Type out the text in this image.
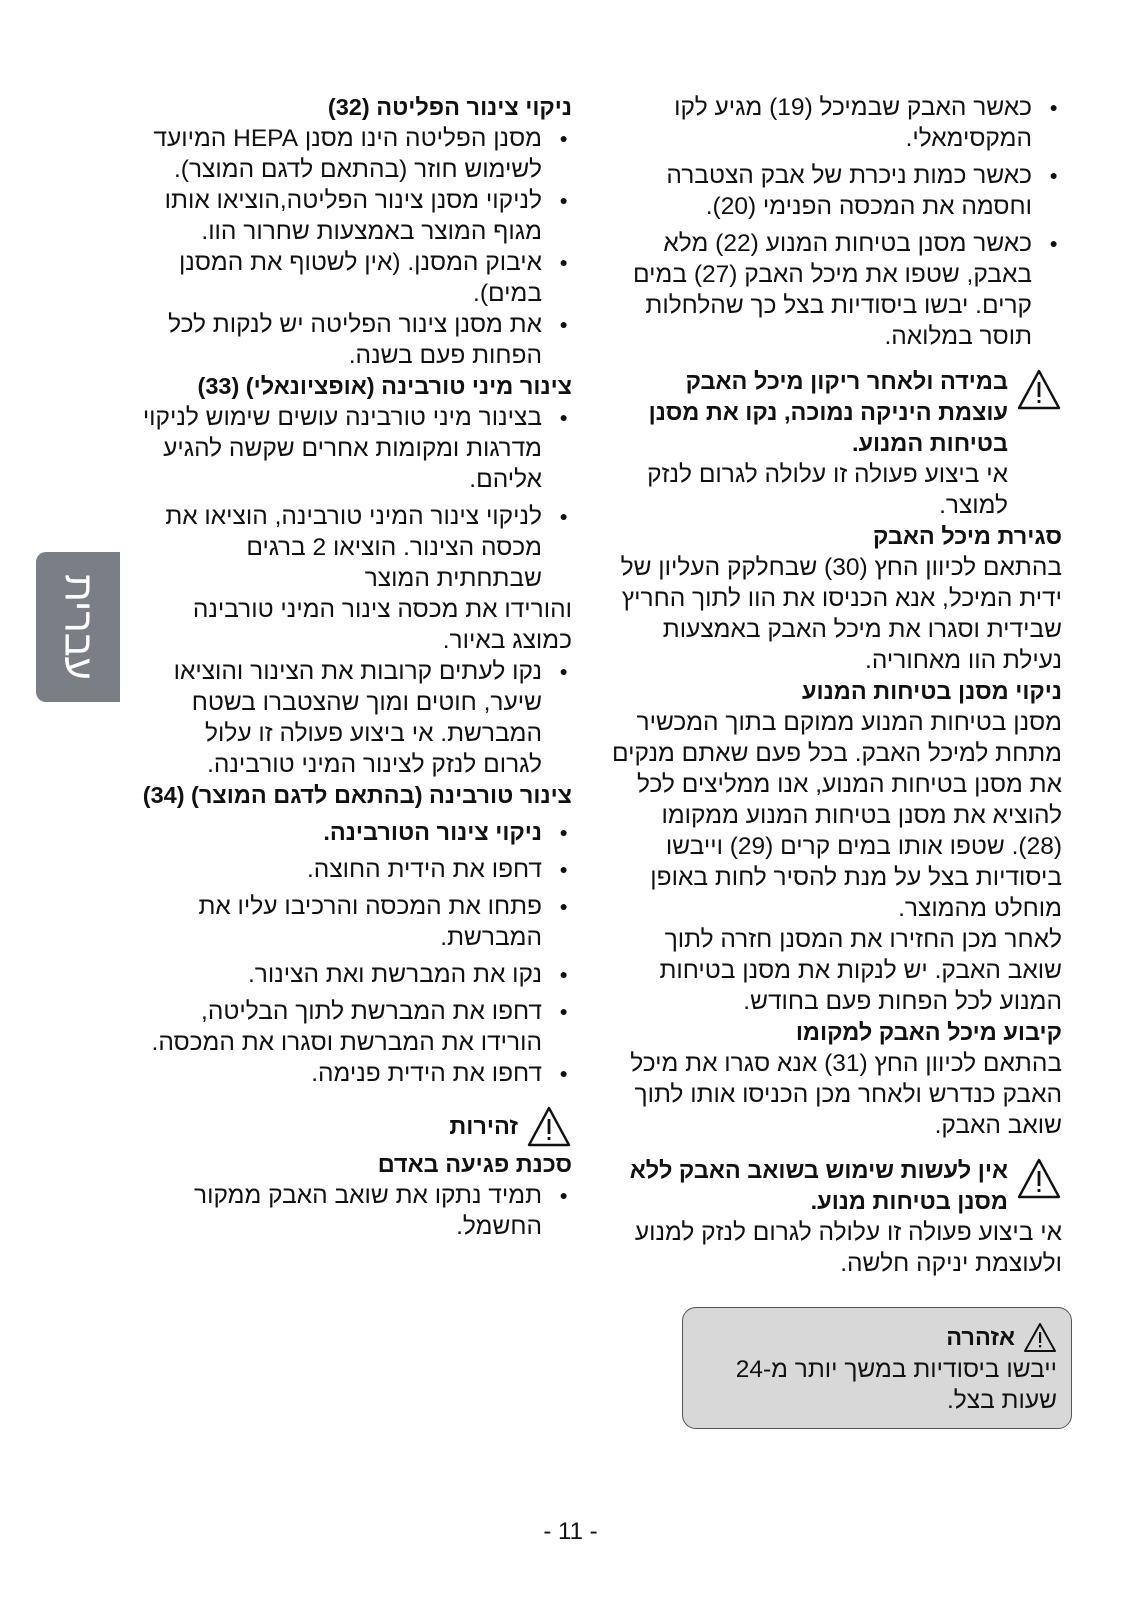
● כאשר האבק שבמיכל (19) מגיע לקו המקסימאלי.
● כאשר כמות ניכרת של אבק הצטברה וחסמה את המכסה הפנימי (20).
● כאשר מסנן בטיחות המנוע (22) מלא באבק, שטפו את מיכל האבק (27) במים קרים. יבשו ביסודיות בצל כך שהלחלות תוסר במלואה.

במידה ולאחר ריקון מיכל האבק עוצמת היניקה נמוכה, נקו את מסנן בטיחות המנוע.

אי ביצוע פעולה זו עלולה לגרום לנזק למוצר.

סגירת מיכל האבק

בהתאם לכיוון החץ (30) שבחלקק העליון של ידית המיכל, אנא הכניסו את הוו לתוך החריץ שבידית וסגרו את מיכל האבק באמצעות נעילת הוו מאחוריה.

ניקוי מסנן בטיחות המנוע

מסנן בטיחות המנוע ממוקם בתוך המכשיר מתחת למיכל האבק. בכל פעם שאתם מנקים את מסנן בטיחות המנוע, אנו ממליצים לכל להוציא את מסנן בטיחות המנוע ממקומו (28). שטפו אותו במים קרים (29) וייבשו ביסודיות בצל על מנת להסיר לחות באופן מוחלט מהמוצר.

לאחר מכן החזירו את המסנן חזרה לתוך שואב האבק. יש לנקות את מסנן בטיחות המנוע לכל הפחות פעם בחודש.

קיבוע מיכל האבק למקומו

בהתאם לכיוון החץ (31) אנא סגרו את מיכל האבק כנדרש ולאחר מכן הכניסו אותו לתוך שואב האבק.

אין לעשות שימוש בשואב האבק ללא מסנן בטיחות מנוע.

אי ביצוע פעולה זו עלולה לגרום לנזק למנוע ולעוצמת יניקה חלשה.

אזהרה

ייבשו ביסודיות במשך יותר מ-24 שעות בצל.

ניקוי צינור הפליטה (32)

● מסנן הפליטה הינו מסנן HEPA המיועד לשימוש חוזר (בהתאם לדגם המוצר).
● לניקוי מסנן צינור הפליטה,הוציאו אותו מגוף המוצר באמצעות שחרור הוו.
● איבוק המסנן. (אין לשטוף את המסנן במים).
● את מסנן צינור הפליטה יש לנקות לכל הפחות פעם בשנה.

צינור מיני טורבינה (אופציונאלי) (33)

● בצינור מיני טורבינה עושים שימוש לניקוי מדרגות ומקומות אחרים שקשה להגיע אליהם.
● לניקוי צינור המיני טורבינה, הוציאו את מכסה הצינור. הוציאו 2 ברגים שבתחתית המוצר

והורידו את מכסה צינור המיני טורבינה כמוצג באיור.

● נקו לעתים קרובות את הצינור והוציאו שיער, חוטים ומוך שהצטברו בשטח המברשת. אי ביצוע פעולה זו עלול לגרום לנזק לצינור המיני טורבינה.

צינור טורבינה (בהתאם לדגם המוצר) (34)

● ניקוי צינור הטורבינה.
● דחפו את הידית החוצה.
● פתחו את המכסה והרכיבו עליו את המברשת.
● נקו את המברשת ואת הצינור.
● דחפו את המברשת לתוך הבליטה, הורידו את המברשת וסגרו את המכסה.
● דחפו את הידית פנימה.

זהירות

סכנת פגיעה באדם

● תמיד נתקו את שואב האבק ממקור החשמל.
עברית
- 11 -
